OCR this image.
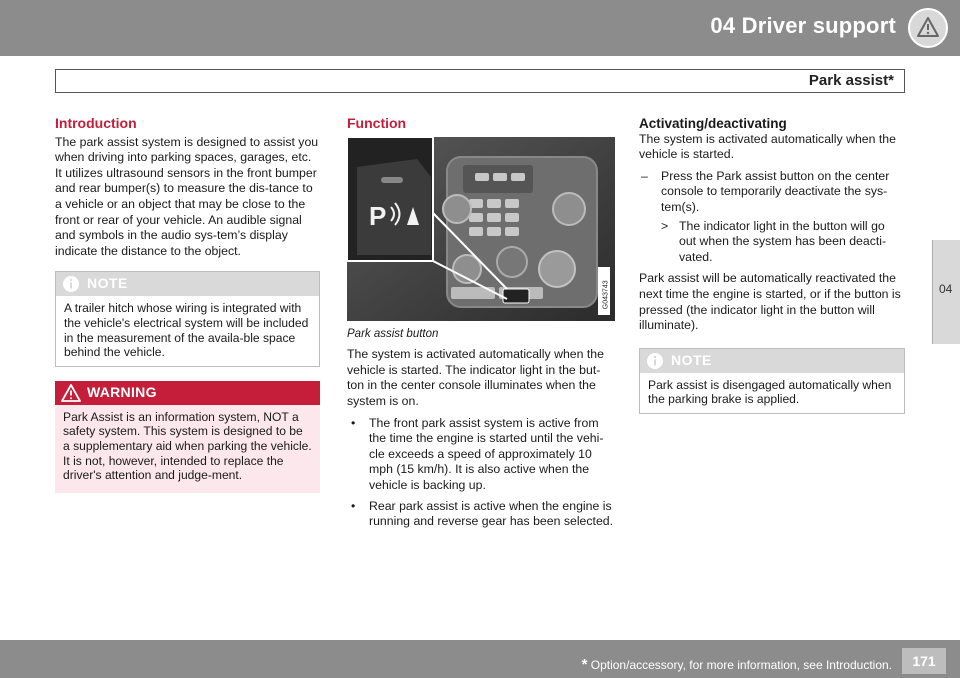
04 Driver support
Park assist*
04
Introduction

The park assist system is designed to assist you when driving into parking spaces, garages, etc. It utilizes ultrasound sensors in the front bumper and rear bumper(s) to measure the dis-tance to a vehicle or an object that may be close to the front or rear of your vehicle. An audible signal and symbols in the audio sys-tem’s display indicate the distance to the object.

NOTE
A trailer hitch whose wiring is integrated with the vehicle's electrical system will be included in the measurement of the availa-ble space behind the vehicle.
WARNING
Park Assist is an information system, NOT a safety system. This system is designed to be a supplementary aid when parking the vehicle. It is not, however, intended to replace the driver's attention and judge-ment.
Function
P
G043743
Park assist button

The system is activated automatically when the vehicle is started. The indicator light in the but-ton in the center console illuminates when the system is on.

• The front park assist system is active from the time the engine is started until the vehi-cle exceeds a speed of approximately 10 mph (15 km/h). It is also active when the vehicle is backing up.
• Rear park assist is active when the engine is running and reverse gear has been selected.
Activating/deactivating

The system is activated automatically when the vehicle is started.

– Press the Park assist button on the center console to temporarily deactivate the sys-tem(s).
> The indicator light in the button will go out when the system has been deacti-vated.

Park assist will be automatically reactivated the next time the engine is started, or if the button is pressed (the indicator light in the button will illuminate).

NOTE
Park assist is disengaged automatically when the parking brake is applied.
* Option/accessory, for more information, see Introduction.	171
